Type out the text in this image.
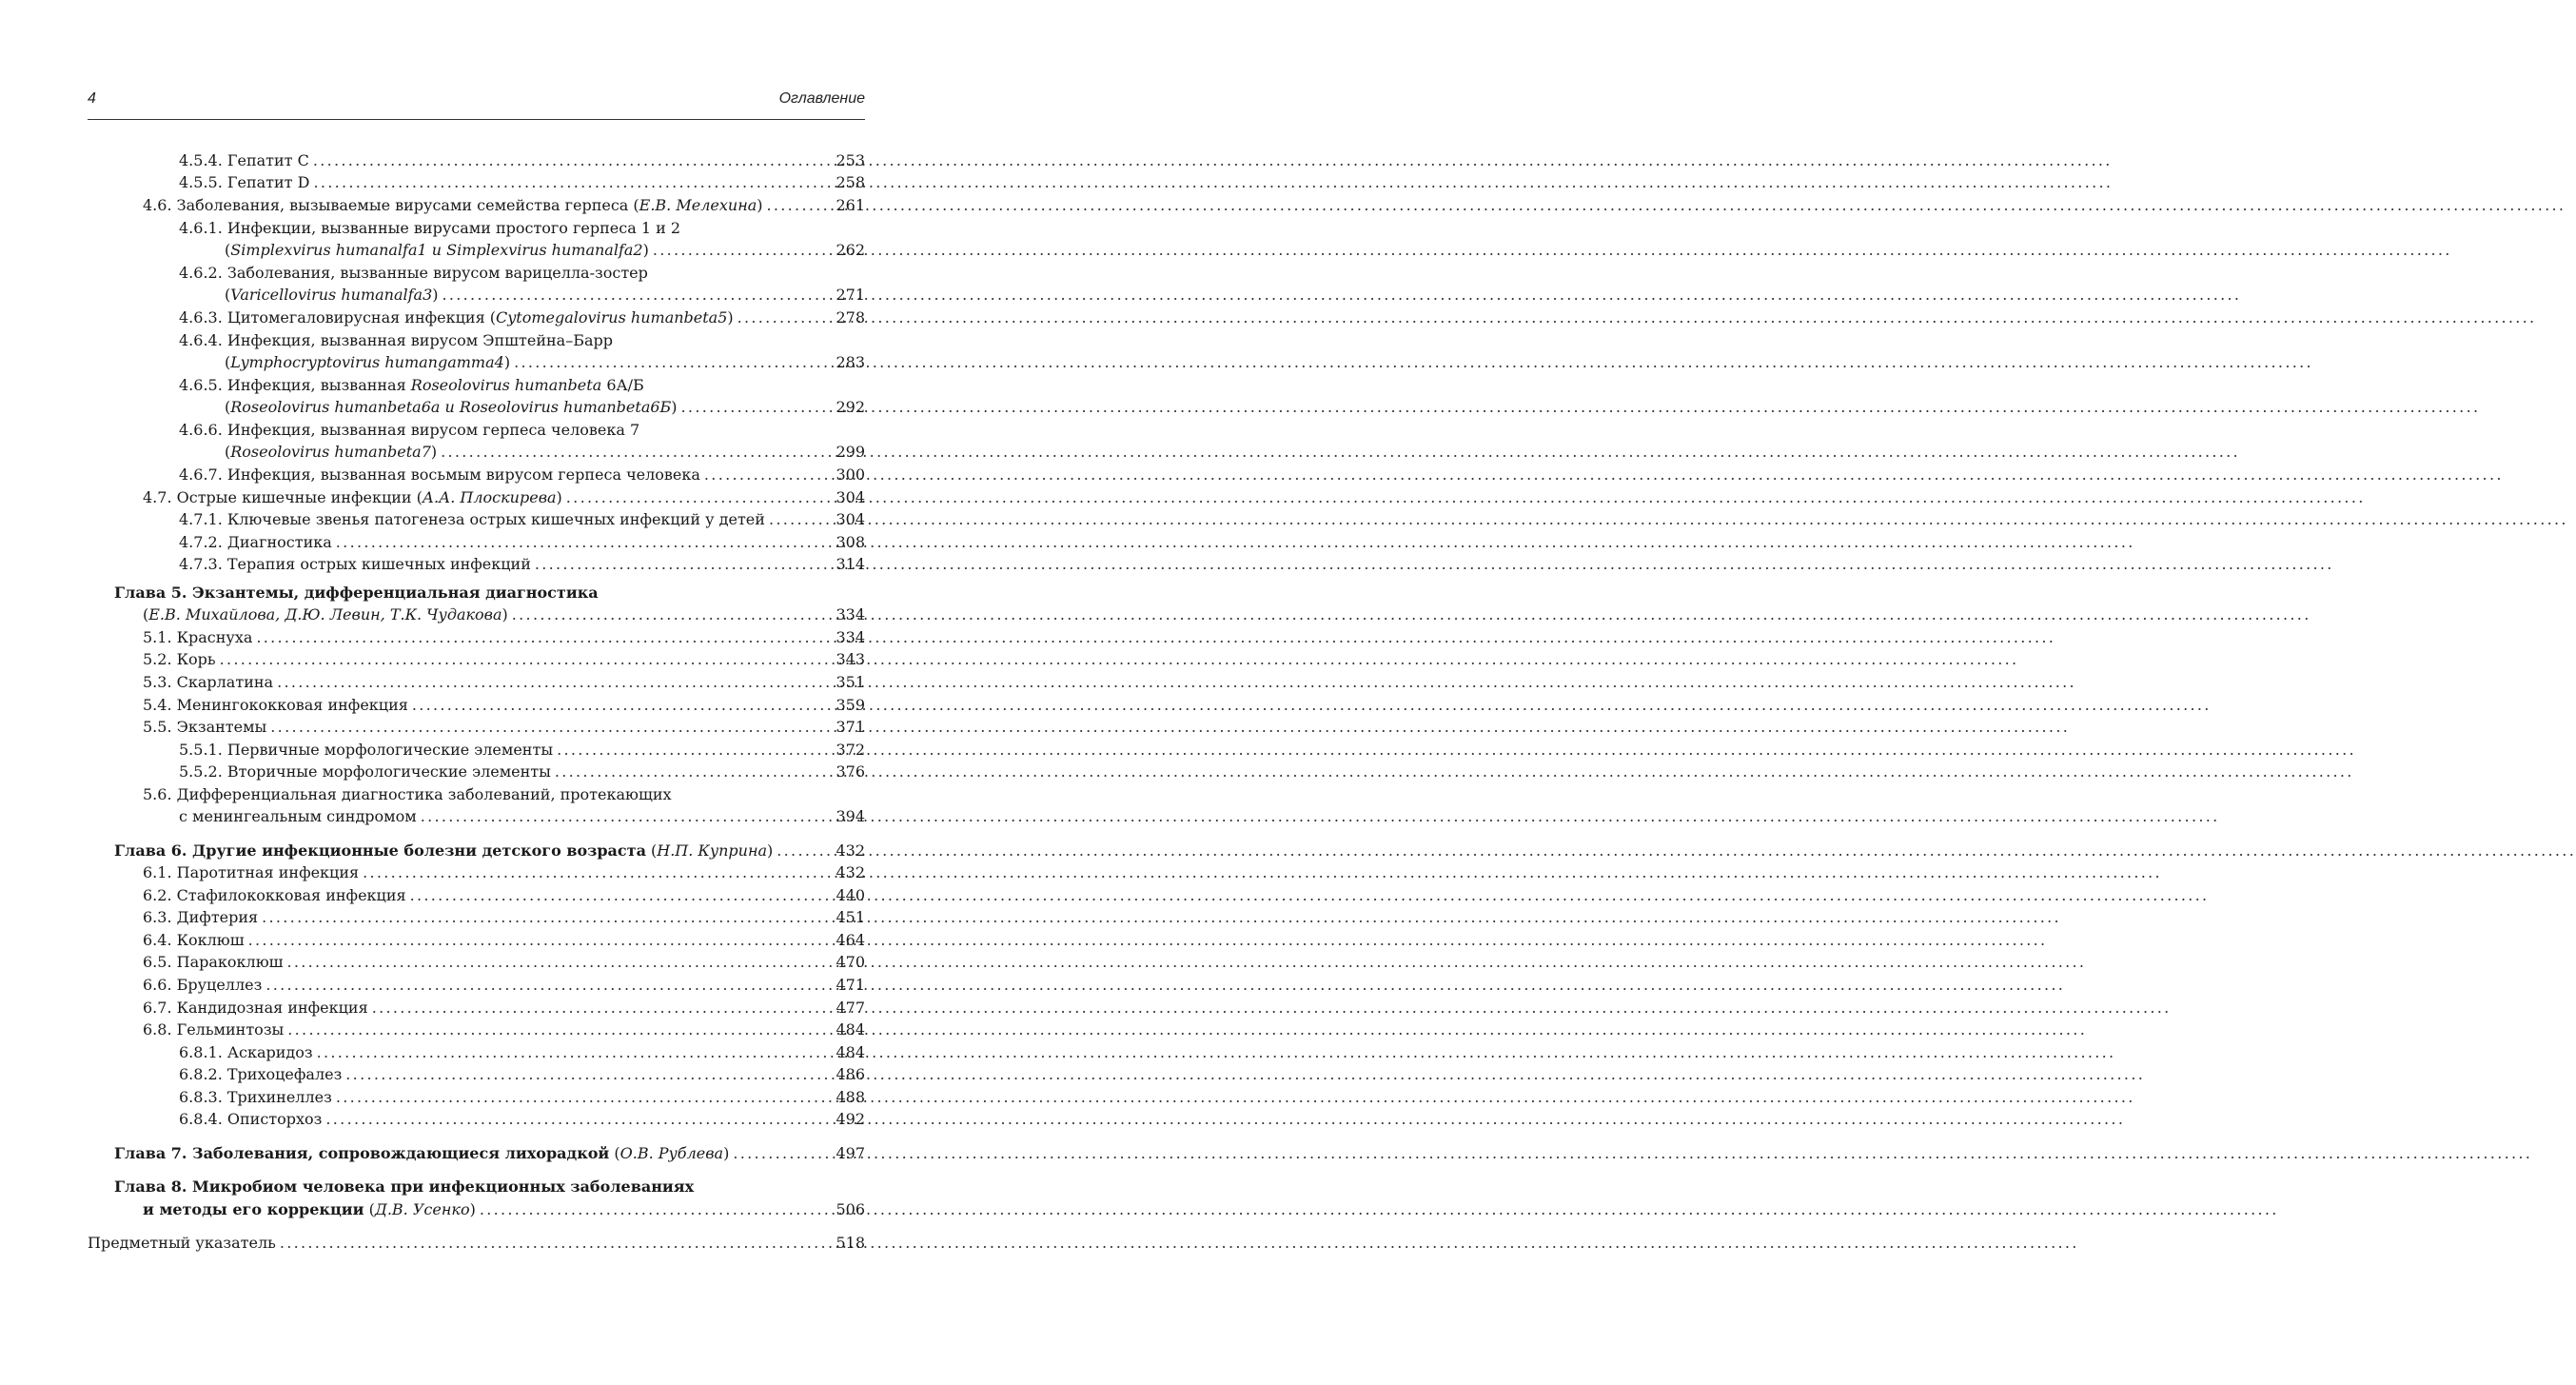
4	Оглавление
4.5.4. Гепатит С .....	253
4.5.5. Гепатит D .....	258
4.6. Заболевания, вызываемые вирусами семейства герпеса (Е.В. Мелехина) .....	261
4.6.1. Инфекции, вызванные вирусами простого герпеса 1 и 2
(Simplexvirus humanalfa1 и Simplexvirus humanalfa2) .....	262
4.6.2. Заболевания, вызванные вирусом варицелла-зостер
(Varicellovirus humanalfa3) .....	271
4.6.3. Цитомегаловирусная инфекция (Cytomegalovirus humanbeta5) .....	278
4.6.4. Инфекция, вызванная вирусом Эпштейна–Барр
(Lymphocryptovirus humangamma4) .....	283
4.6.5. Инфекция, вызванная Roseolovirus humanbeta 6А/Б
(Roseolovirus humanbeta6a и Roseolovirus humanbeta6Б) .....	292
4.6.6. Инфекция, вызванная вирусом герпеса человека 7
(Roseolovirus humanbeta7) .....	299
4.6.7. Инфекция, вызванная восьмым вирусом герпеса человека .....	300
4.7. Острые кишечные инфекции (А.А. Плоскирева) .....	304
4.7.1. Ключевые звенья патогенеза острых кишечных инфекций у детей .....	304
4.7.2. Диагностика .....	308
4.7.3. Терапия острых кишечных инфекций .....	314
Глава 5. Экзантемы, дифференциальная диагностика
(Е.В. Михайлова, Д.Ю. Левин, Т.К. Чудакова) .....	334
5.1. Краснуха .....	334
5.2. Корь .....	343
5.3. Скарлатина .....	351
5.4. Менингококковая инфекция .....	359
5.5. Экзантемы .....	371
5.5.1. Первичные морфологические элементы .....	372
5.5.2. Вторичные морфологические элементы .....	376
5.6. Дифференциальная диагностика заболеваний, протекающих
с менингеальным синдромом .....	394
Глава 6. Другие инфекционные болезни детского возраста (Н.П. Куприна) .....	432
6.1. Паротитная инфекция .....	432
6.2. Стафилококковая инфекция .....	440
6.3. Дифтерия .....	451
6.4. Коклюш .....	464
6.5. Паракоклюш .....	470
6.6. Бруцеллез .....	471
6.7. Кандидозная инфекция .....	477
6.8. Гельминтозы .....	484
6.8.1. Аскаридоз .....	484
6.8.2. Трихоцефалез .....	486
6.8.3. Трихинеллез .....	488
6.8.4. Описторхоз .....	492
Глава 7. Заболевания, сопровождающиеся лихорадкой (О.В. Рублева) .....	497
Глава 8. Микробиом человека при инфекционных заболеваниях
и методы его коррекции (Д.В. Усенко) .....	506
Предметный указатель .....	518
